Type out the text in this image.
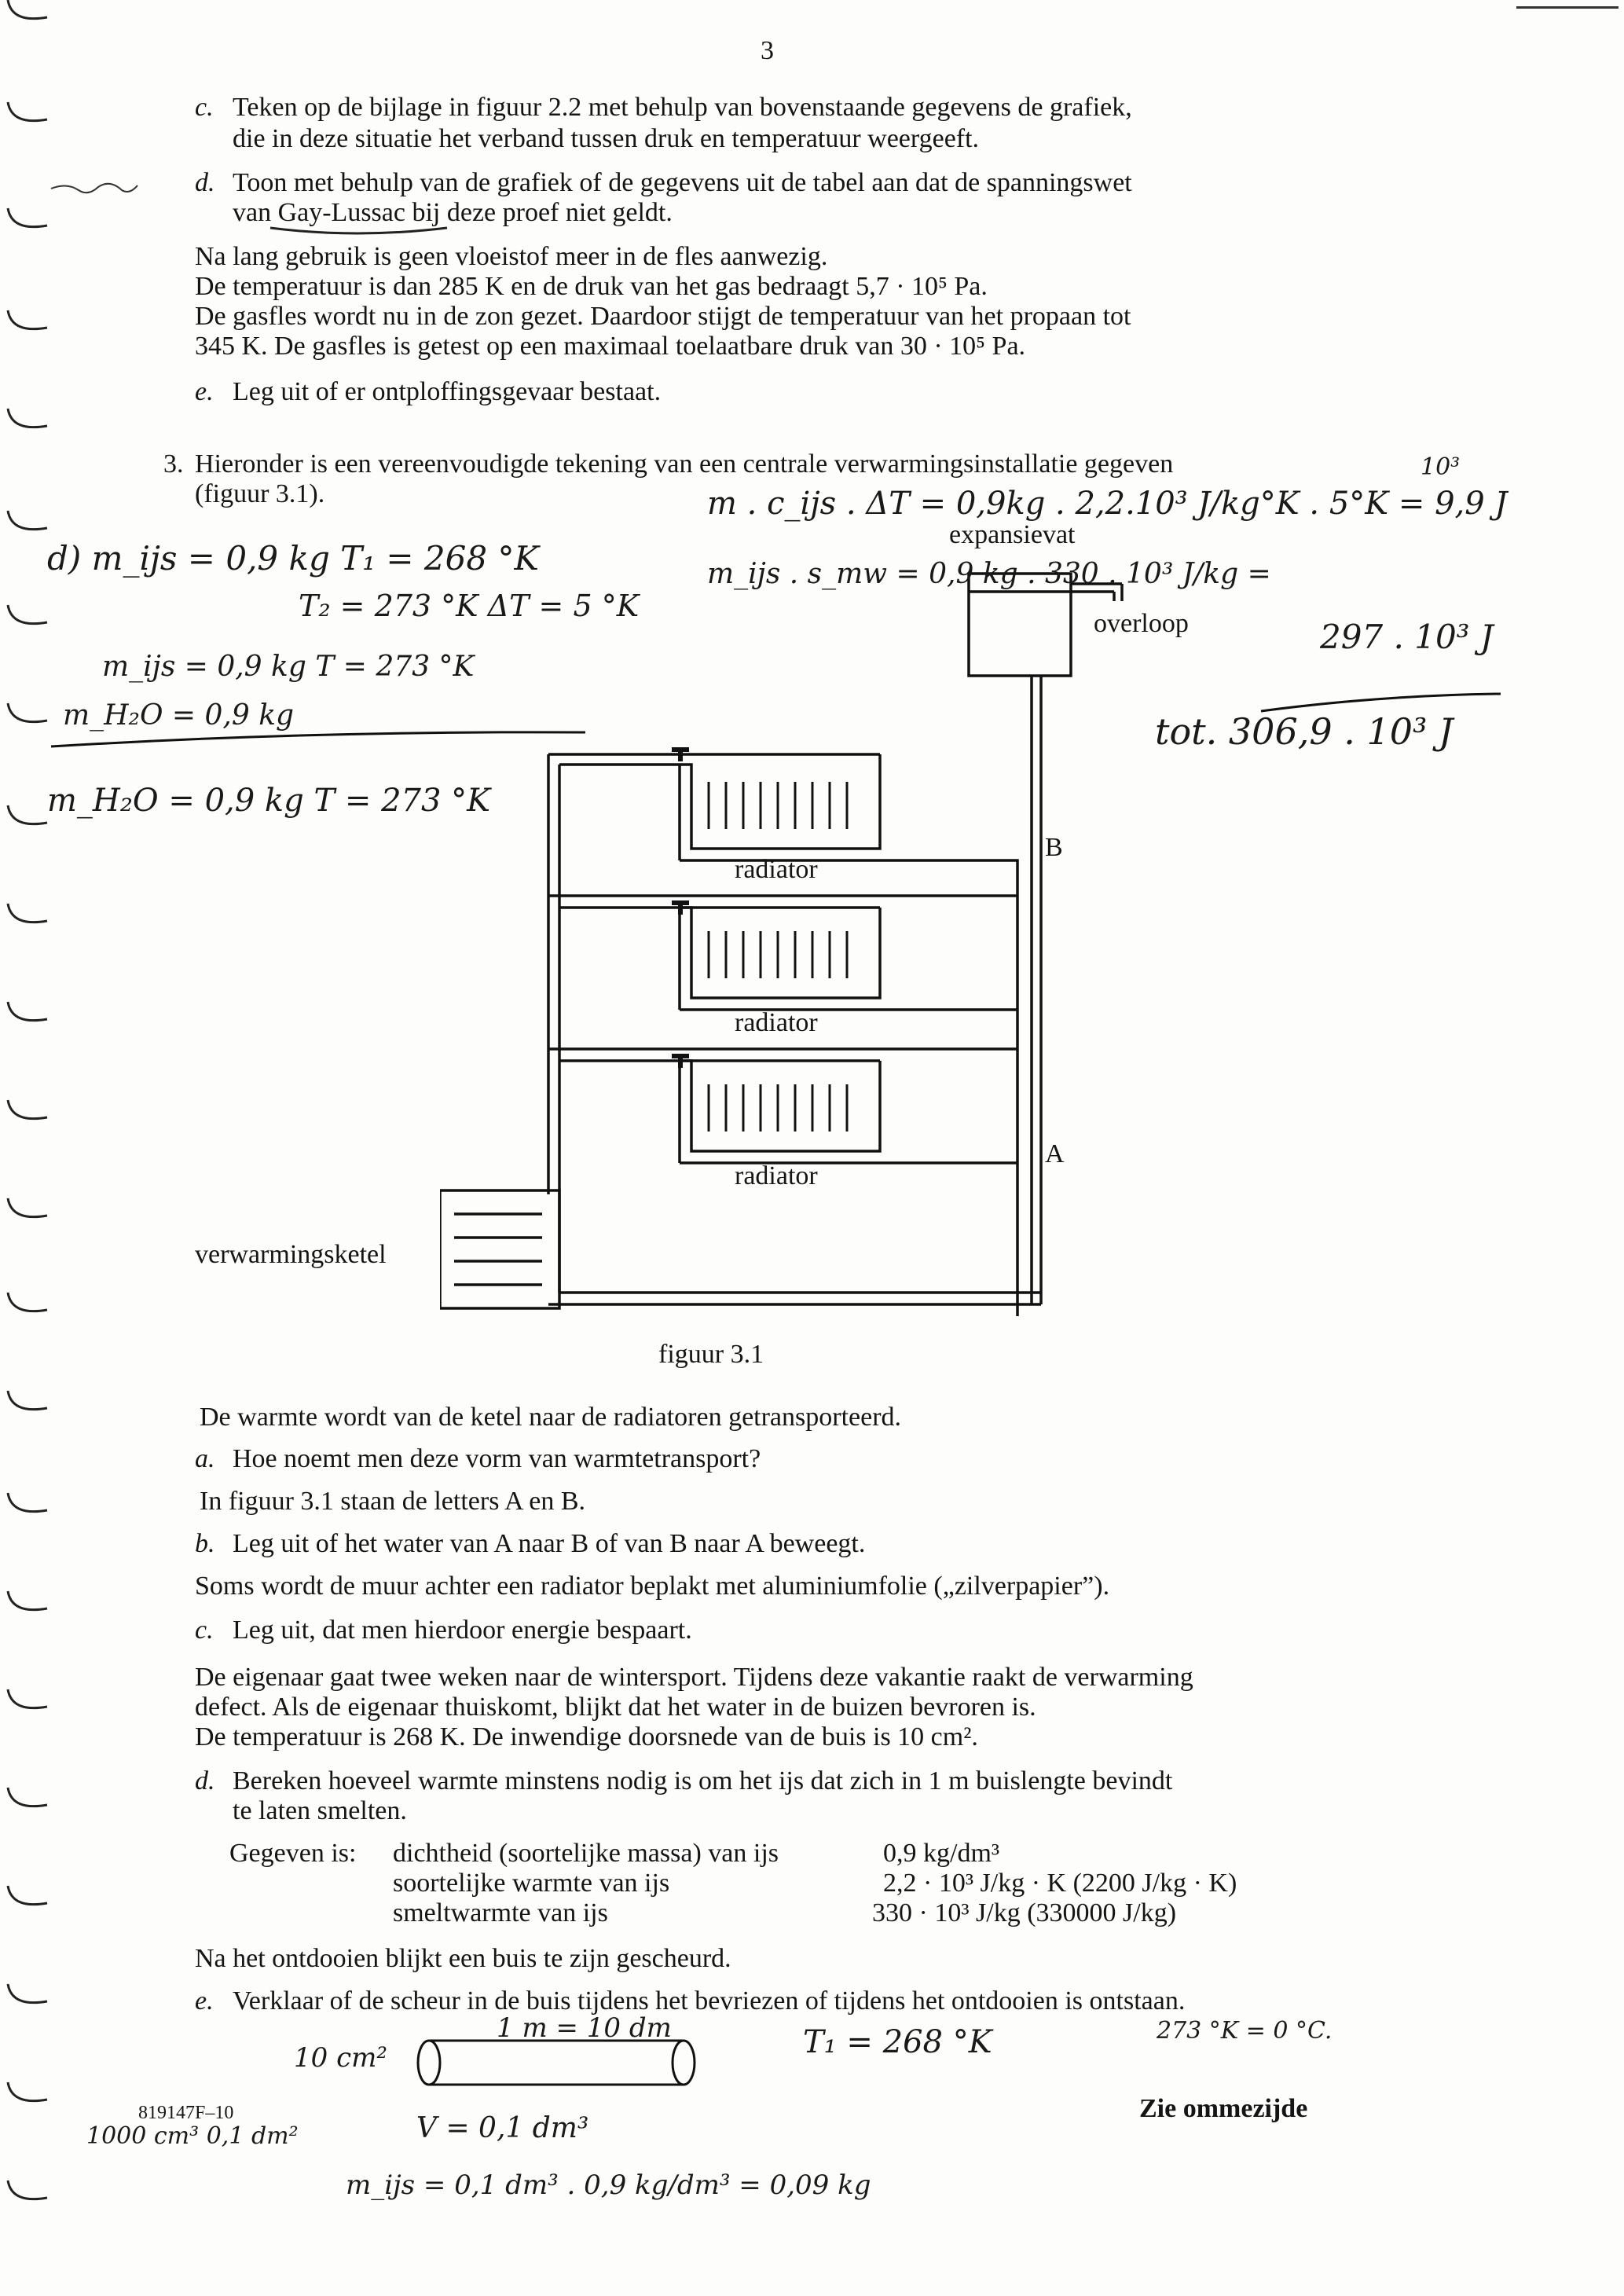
3
c. Teken op de bijlage in figuur 2.2 met behulp van bovenstaande gegevens de grafiek,
die in deze situatie het verband tussen druk en temperatuur weergeeft.
d. Toon met behulp van de grafiek of de gegevens uit de tabel aan dat de spanningswet
van Gay-Lussac bij deze proef niet geldt.
Na lang gebruik is geen vloeistof meer in de fles aanwezig.
De temperatuur is dan 285 K en de druk van het gas bedraagt 5,7 · 10⁵ Pa.
De gasfles wordt nu in de zon gezet. Daardoor stijgt de temperatuur van het propaan tot
345 K. De gasfles is getest op een maximaal toelaatbare druk van 30 · 10⁵ Pa.
e. Leg uit of er ontploffingsgevaar bestaat.
3. Hieronder is een vereenvoudigde tekening van een centrale verwarmingsinstallatie gegeven
(figuur 3.1).
expansievat
overloop
radiator
radiator
radiator
B
A
verwarmingsketel
figuur 3.1
De warmte wordt van de ketel naar de radiatoren getransporteerd.
a. Hoe noemt men deze vorm van warmtetransport?
In figuur 3.1 staan de letters A en B.
b. Leg uit of het water van A naar B of van B naar A beweegt.
Soms wordt de muur achter een radiator beplakt met aluminiumfolie („zilverpapier”).
c. Leg uit, dat men hierdoor energie bespaart.
De eigenaar gaat twee weken naar de wintersport. Tijdens deze vakantie raakt de verwarming
defect. Als de eigenaar thuiskomt, blijkt dat het water in de buizen bevroren is.
De temperatuur is 268 K. De inwendige doorsnede van de buis is 10 cm².
d. Bereken hoeveel warmte minstens nodig is om het ijs dat zich in 1 m buislengte bevindt
te laten smelten.
Gegeven is: dichtheid (soortelijke massa) van ijs	0,9 kg/dm³
soortelijke warmte van ijs	2,2 · 10³ J/kg · K (2200 J/kg · K)
smeltwarmte van ijs	330 · 10³ J/kg (330000 J/kg)
Na het ontdooien blijkt een buis te zijn gescheurd.
e. Verklaar of de scheur in de buis tijdens het bevriezen of tijdens het ontdooien is ontstaan.
819147F–10	Zie ommezijde
m . c_ijs . ΔT = 0,9kg . 2,2.10³ J/kg°K . 5°K = 9,9 J
10³
m_ijs . s_mw = 0,9 kg . 330 . 10³ J/kg =
297 . 10³ J
tot. 306,9 . 10³ J
d) m_ijs = 0,9 kg T₁ = 268 °K
T₂ = 273 °K ΔT = 5 °K
m_ijs = 0,9 kg T = 273 °K
m_H₂O = 0,9 kg
m_H₂O = 0,9 kg T = 273 °K
1 m = 10 dm
10 cm²	T₁ = 268 °K	273 °K = 0 °C.
1000 cm³ 0,1 dm²	V = 0,1 dm³
m_ijs = 0,1 dm³ . 0,9 kg/dm³ = 0,09 kg
